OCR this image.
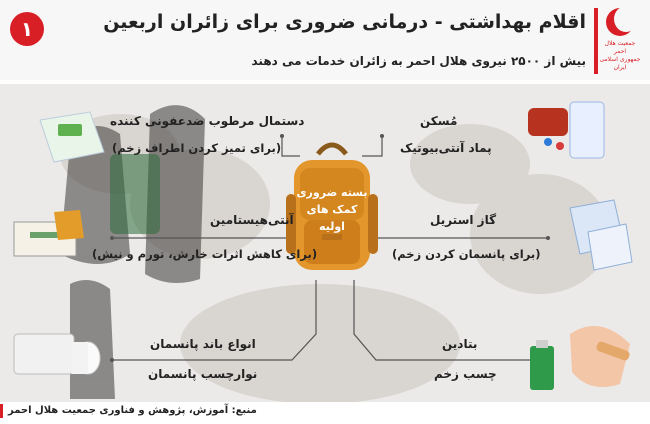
جمعیت هلال احمر
جمهوری اسلامی ایران
اقلام بهداشتی - درمانی ضروری برای زائران اربعین
بیش از ۲۵۰۰ نیروی هلال احمر به زائران خدمات می دهند
۱
دستمال مرطوب ضدعفونی کننده
(برای تمیز کردن اطراف زخم)
آنتی‌هیستامین
(برای کاهش اثرات خارش، تورم و نیش)
انواع باند پانسمان
نوارچسب پانسمان
مُسکن
پماد آنتی‌بیوتیک
گاز استریل
(برای پانسمان کردن زخم)
بتادین
چسب زخم
بسته ضروری
کمک های
اولیه
منبع: آموزش، پژوهش و فناوری جمعیت هلال احمر
